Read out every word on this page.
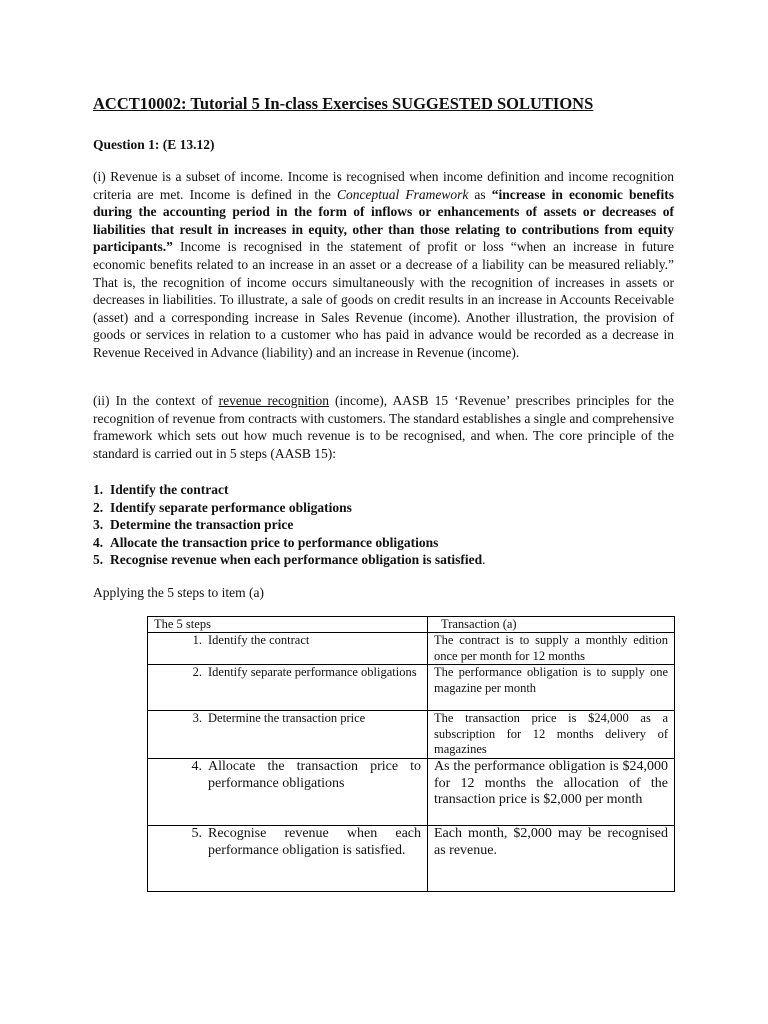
ACCT10002: Tutorial 5 In-class Exercises SUGGESTED SOLUTIONS
Question 1: (E 13.12)

(i) Revenue is a subset of income. Income is recognised when income definition and income recognition criteria are met. Income is defined in the Conceptual Framework as “increase in economic benefits during the accounting period in the form of inflows or enhancements of assets or decreases of liabilities that result in increases in equity, other than those relating to contributions from equity participants.” Income is recognised in the statement of profit or loss “when an increase in future economic benefits related to an increase in an asset or a decrease of a liability can be measured reliably.” That is, the recognition of income occurs simultaneously with the recognition of increases in assets or decreases in liabilities. To illustrate, a sale of goods on credit results in an increase in Accounts Receivable (asset) and a corresponding increase in Sales Revenue (income). Another illustration, the provision of goods or services in relation to a customer who has paid in advance would be recorded as a decrease in Revenue Received in Advance (liability) and an increase in Revenue (income).

(ii) In the context of revenue recognition (income), AASB 15 ‘Revenue’ prescribes principles for the recognition of revenue from contracts with customers. The standard establishes a single and comprehensive framework which sets out how much revenue is to be recognised, and when. The core principle of the standard is carried out in 5 steps (AASB 15):

1. Identify the contract
2. Identify separate performance obligations
3. Determine the transaction price
4. Allocate the transaction price to performance obligations
5. Recognise revenue when each performance obligation is satisfied.

Applying the 5 steps to item (a)

The 5 steps	Transaction (a)

1. Identify the contract	The contract is to supply a monthly edition once per month for 12 months

2. Identify separate performance obligations	The performance obligation is to supply one magazine per month

3. Determine the transaction price	The transaction price is $24,000 as a subscription for 12 months delivery of magazines

4. Allocate the transaction price to performance obligations	As the performance obligation is $24,000 for 12 months the allocation of the transaction price is $2,000 per month

5. Recognise revenue when each performance obligation is satisfied.	Each month, $2,000 may be recognised as revenue.
